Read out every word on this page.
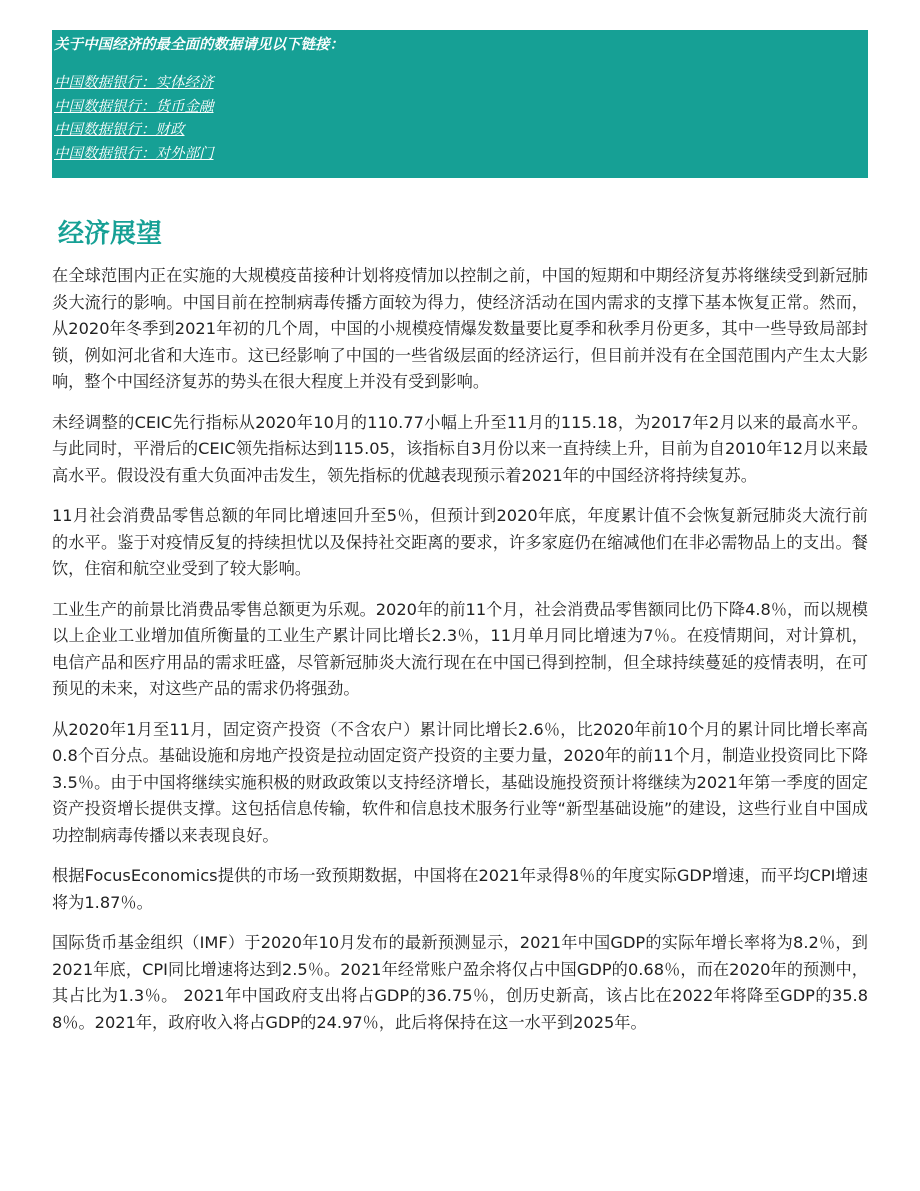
关于中国经济的最全面的数据请见以下链接：

中国数据银行：实体经济
中国数据银行：货币金融
中国数据银行：财政
中国数据银行：对外部门
经济展望

在全球范围内正在实施的大规模疫苗接种计划将疫情加以控制之前，中国的短期和中期经济复苏将继续受到新冠肺炎大流行的影响。中国目前在控制病毒传播方面较为得力，使经济活动在国内需求的支撑下基本恢复正常。然而，从2020年冬季到2021年初的几个周，中国的小规模疫情爆发数量要比夏季和秋季月份更多，其中一些导致局部封锁，例如河北省和大连市。这已经影响了中国的一些省级层面的经济运行，但目前并没有在全国范围内产生太大影响，整个中国经济复苏的势头在很大程度上并没有受到影响。

未经调整的CEIC先行指标从2020年10月的110.77小幅上升至11月的115.18，为2017年2月以来的最高水平。与此同时，平滑后的CEIC领先指标达到115.05，该指标自3月份以来一直持续上升，目前为自2010年12月以来最高水平。假设没有重大负面冲击发生，领先指标的优越表现预示着2021年的中国经济将持续复苏。

11月社会消费品零售总额的年同比增速回升至5％，但预计到2020年底，年度累计值不会恢复新冠肺炎大流行前的水平。鉴于对疫情反复的持续担忧以及保持社交距离的要求，许多家庭仍在缩减他们在非必需物品上的支出。餐饮，住宿和航空业受到了较大影响。

工业生产的前景比消费品零售总额更为乐观。2020年的前11个月，社会消费品零售额同比仍下降4.8％，而以规模以上企业工业增加值所衡量的工业生产累计同比增长2.3％，11月单月同比增速为7％。在疫情期间，对计算机，电信产品和医疗用品的需求旺盛，尽管新冠肺炎大流行现在在中国已得到控制，但全球持续蔓延的疫情表明，在可预见的未来，对这些产品的需求仍将强劲。

从2020年1月至11月，固定资产投资（不含农户）累计同比增长2.6％，比2020年前10个月的累计同比增长率高0.8个百分点。基础设施和房地产投资是拉动固定资产投资的主要力量，2020年的前11个月，制造业投资同比下降3.5％。由于中国将继续实施积极的财政政策以支持经济增长，基础设施投资预计将继续为2021年第一季度的固定资产投资增长提供支撑。这包括信息传输，软件和信息技术服务行业等“新型基础设施”的建设，这些行业自中国成功控制病毒传播以来表现良好。

根据FocusEconomics提供的市场一致预期数据，中国将在2021年录得8％的年度实际GDP增速，而平均CPI增速将为1.87％。

国际货币基金组织（IMF）于2020年10月发布的最新预测显示，2021年中国GDP的实际年增长率将为8.2％，到2021年底，CPI同比增速将达到2.5％。2021年经常账户盈余将仅占中国GDP的0.68％，而在2020年的预测中，其占比为1.3％。 2021年中国政府支出将占GDP的36.75％，创历史新高，该占比在2022年将降至GDP的35.88％。2021年，政府收入将占GDP的24.97％，此后将保持在这一水平到2025年。
